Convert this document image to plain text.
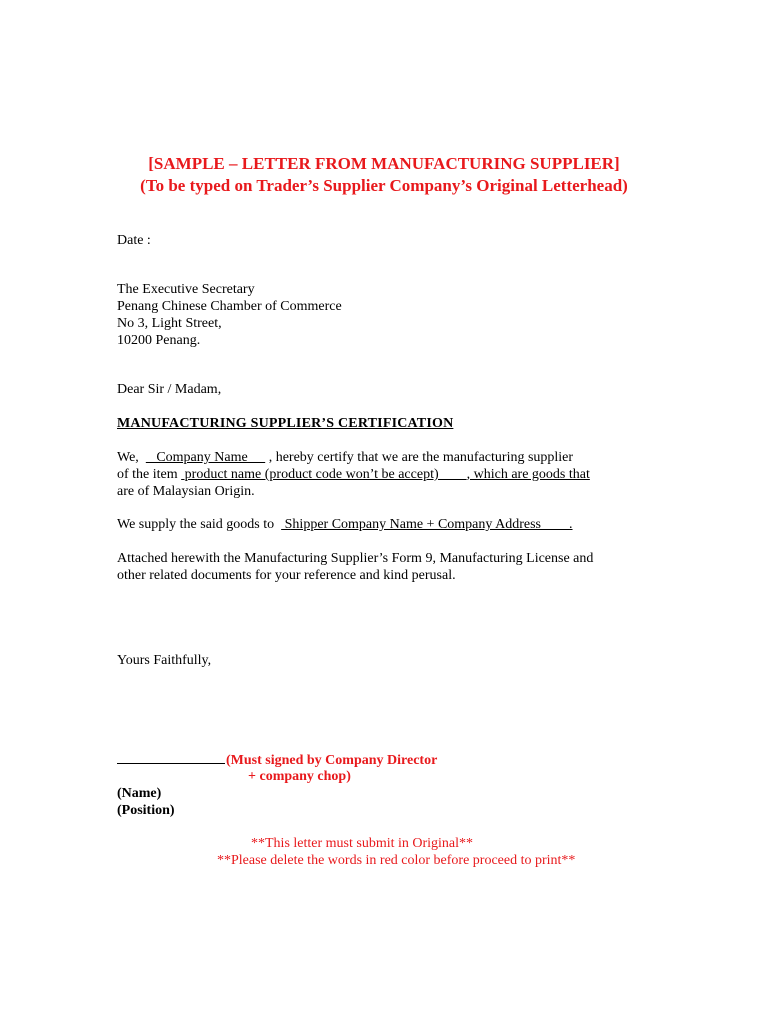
[SAMPLE – LETTER FROM MANUFACTURING SUPPLIER]
(To be typed on Trader’s Supplier Company’s Original Letterhead)
Date :
The Executive Secretary
Penang Chinese Chamber of Commerce
No 3, Light Street,
10200 Penang.
Dear Sir / Madam,
MANUFACTURING SUPPLIER’S CERTIFICATION
We,     Company Name      , hereby certify that we are the manufacturing supplier
of the item  product name (product code won’t be accept)        , which are goods that
are of Malaysian Origin.
We supply the said goods to   Shipper Company Name + Company Address        .
Attached herewith the Manufacturing Supplier’s Form 9, Manufacturing License and
other related documents for your reference and kind perusal.
Yours Faithfully,
(Must signed by Company Director
+ company chop)
(Name)
(Position)
**This letter must submit in Original**
**Please delete the words in red color before proceed to print**
